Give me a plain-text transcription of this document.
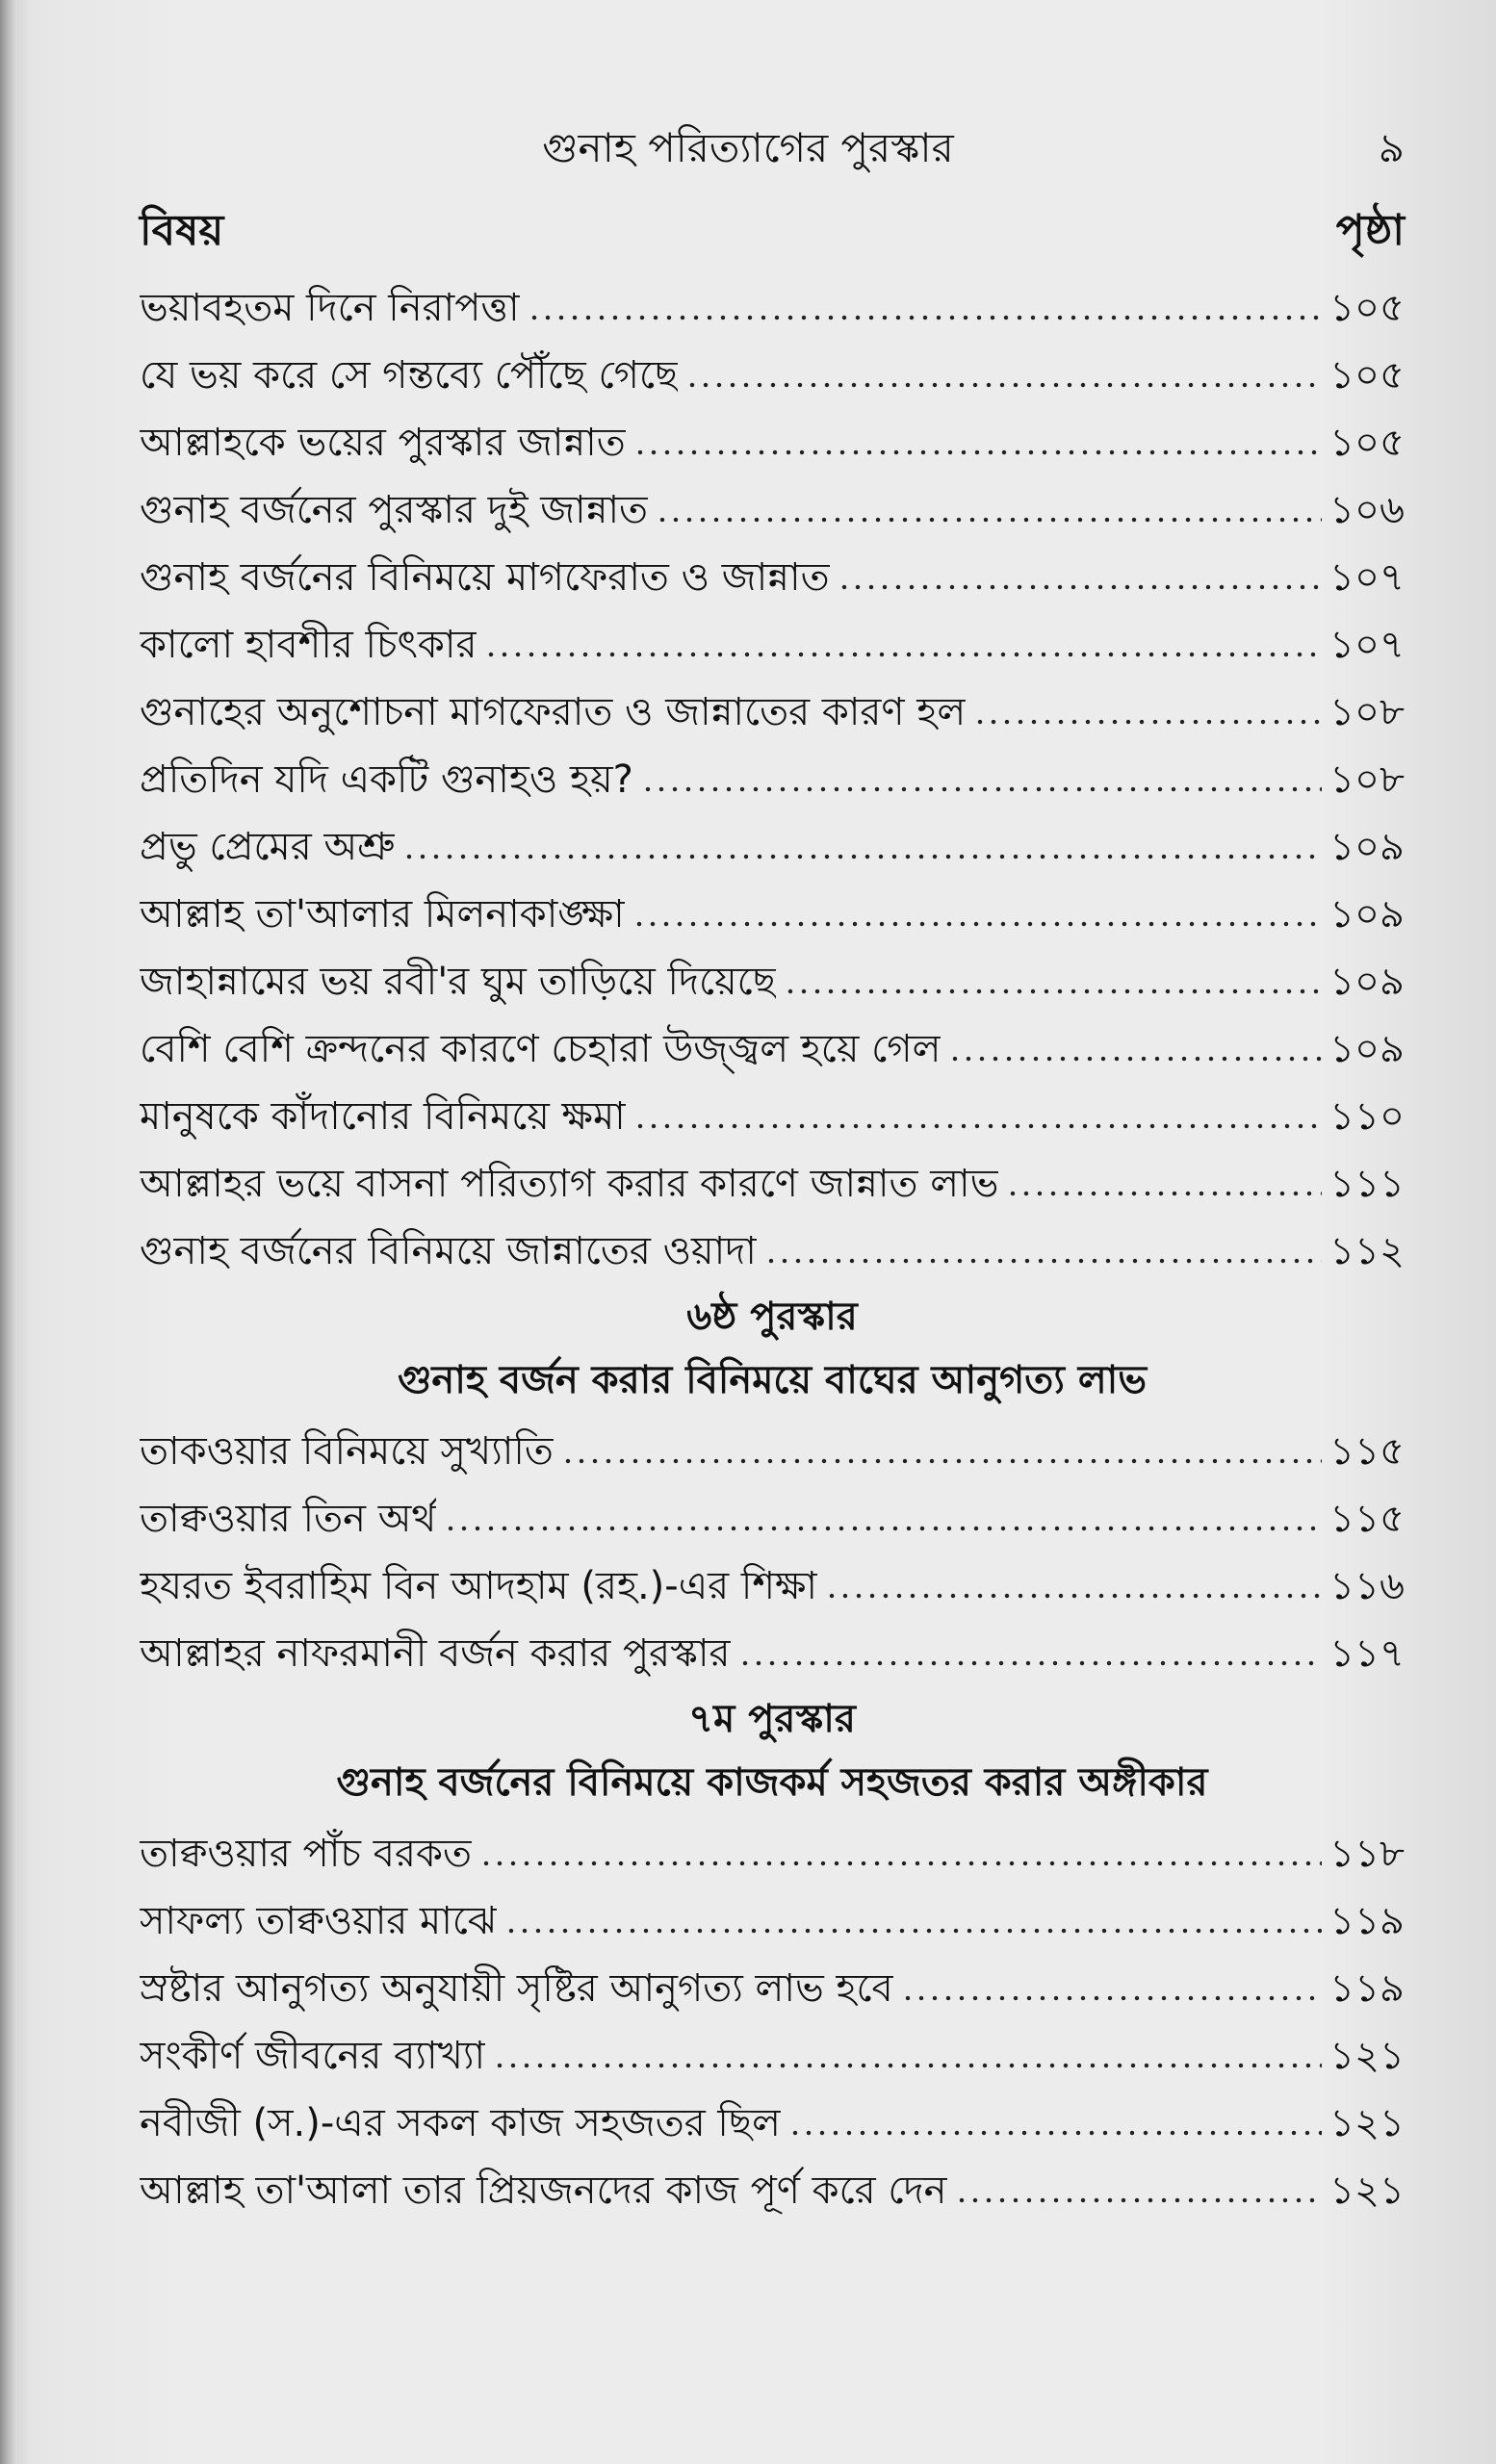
গুনাহ পরিত্যাগের পুরস্কার	৯
বিষয়	পৃষ্ঠা
ভয়াবহতম দিনে নিরাপত্তা	১০৫
যে ভয় করে সে গন্তব্যে পৌঁছে গেছে	১০৫
আল্লাহকে ভয়ের পুরস্কার জান্নাত	১০৫
গুনাহ বর্জনের পুরস্কার দুই জান্নাত	১০৬
গুনাহ বর্জনের বিনিময়ে মাগফেরাত ও জান্নাত	১০৭
কালো হাবশীর চিৎকার	১০৭
গুনাহের অনুশোচনা মাগফেরাত ও জান্নাতের কারণ হল	১০৮
প্রতিদিন যদি একটি গুনাহও হয়?	১০৮
প্রভু প্রেমের অশ্রু	১০৯
আল্লাহ তা'আলার মিলনাকাঙ্ক্ষা	১০৯
জাহান্নামের ভয় রবী'র ঘুম তাড়িয়ে দিয়েছে	১০৯
বেশি বেশি ক্রন্দনের কারণে চেহারা উজ্জ্বল হয়ে গেল	১০৯
মানুষকে কাঁদানোর বিনিময়ে ক্ষমা	১১০
আল্লাহর ভয়ে বাসনা পরিত্যাগ করার কারণে জান্নাত লাভ	১১১
গুনাহ বর্জনের বিনিময়ে জান্নাতের ওয়াদা	১১২
৬ষ্ঠ পুরস্কার
গুনাহ বর্জন করার বিনিময়ে বাঘের আনুগত্য লাভ
তাকওয়ার বিনিময়ে সুখ্যাতি	১১৫
তাক্বওয়ার তিন অর্থ	১১৫
হযরত ইবরাহিম বিন আদহাম (রহ.)-এর শিক্ষা	১১৬
আল্লাহর নাফরমানী বর্জন করার পুরস্কার	১১৭
৭ম পুরস্কার
গুনাহ বর্জনের বিনিময়ে কাজকর্ম সহজতর করার অঙ্গীকার
তাক্বওয়ার পাঁচ বরকত	১১৮
সাফল্য তাক্বওয়ার মাঝে	১১৯
স্রষ্টার আনুগত্য অনুযায়ী সৃষ্টির আনুগত্য লাভ হবে	১১৯
সংকীর্ণ জীবনের ব্যাখ্যা	১২১
নবীজী (স.)-এর সকল কাজ সহজতর ছিল	১২১
আল্লাহ তা'আলা তার প্রিয়জনদের কাজ পূর্ণ করে দেন	১২১
